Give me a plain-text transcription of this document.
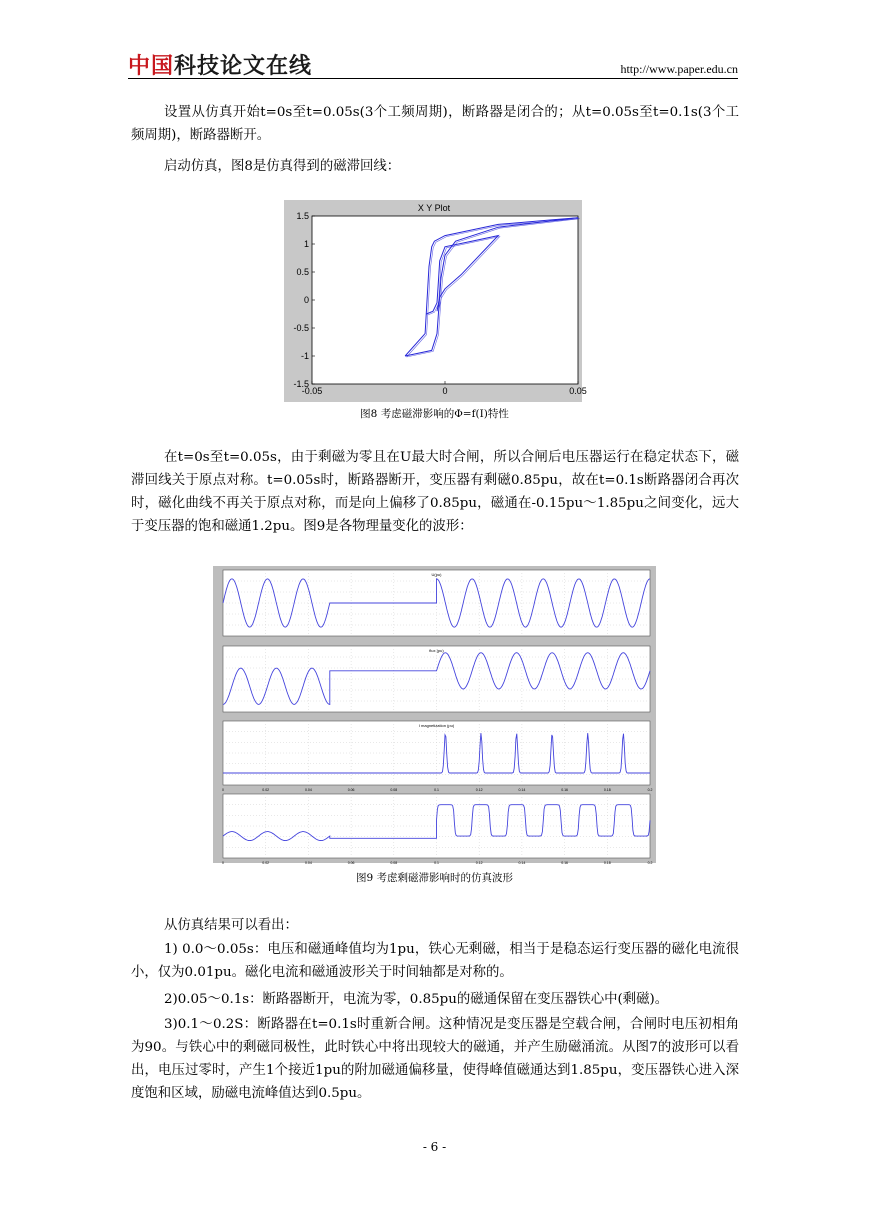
中国科技论文在线	http://www.paper.edu.cn
设置从仿真开始t=0s至t=0.05s(3个工频周期)，断路器是闭合的；从t=0.05s至t=0.1s(3个工频周期)，断路器断开。
启动仿真，图8是仿真得到的磁滞回线：
X Y Plot
1.5
1
0.5
0
-0.5
-1
-1.5
-0.05	0	0.05
图8 考虑磁滞影响的Φ=f(I)特性
在t=0s至t=0.05s，由于剩磁为零且在U最大时合闸，所以合闸后电压器运行在稳定状态下，磁滞回线关于原点对称。t=0.05s时，断路器断开，变压器有剩磁0.85pu，故在t=0.1s断路器闭合再次时，磁化曲线不再关于原点对称，而是向上偏移了0.85pu，磁通在-0.15pu～1.85pu之间变化，远大于变压器的饱和磁通1.2pu。图9是各物理量变化的波形：
U(pu)
flux (pu)
I magnetization (pu)
0	0.02	0.04	0.06	0.08	0.1	0.12	0.14	0.16	0.18	0.2
0	0.02	0.04	0.06	0.08	0.1	0.12	0.14	0.16	0.18	0.2
图9 考虑剩磁滞影响时的仿真波形
从仿真结果可以看出：
1) 0.0～0.05s：电压和磁通峰值均为1pu，铁心无剩磁，相当于是稳态运行变压器的磁化电流很小，仅为0.01pu。磁化电流和磁通波形关于时间轴都是对称的。
2)0.05～0.1s：断路器断开，电流为零，0.85pu的磁通保留在变压器铁心中(剩磁)。
3)0.1～0.2S：断路器在t=0.1s时重新合闸。这种情况是变压器是空载合闸，合闸时电压初相角为90。与铁心中的剩磁同极性，此时铁心中将出现较大的磁通，并产生励磁涌流。从图7的波形可以看出，电压过零时，产生1个接近1pu的附加磁通偏移量，使得峰值磁通达到1.85pu，变压器铁心进入深度饱和区域，励磁电流峰值达到0.5pu。
- 6 -
